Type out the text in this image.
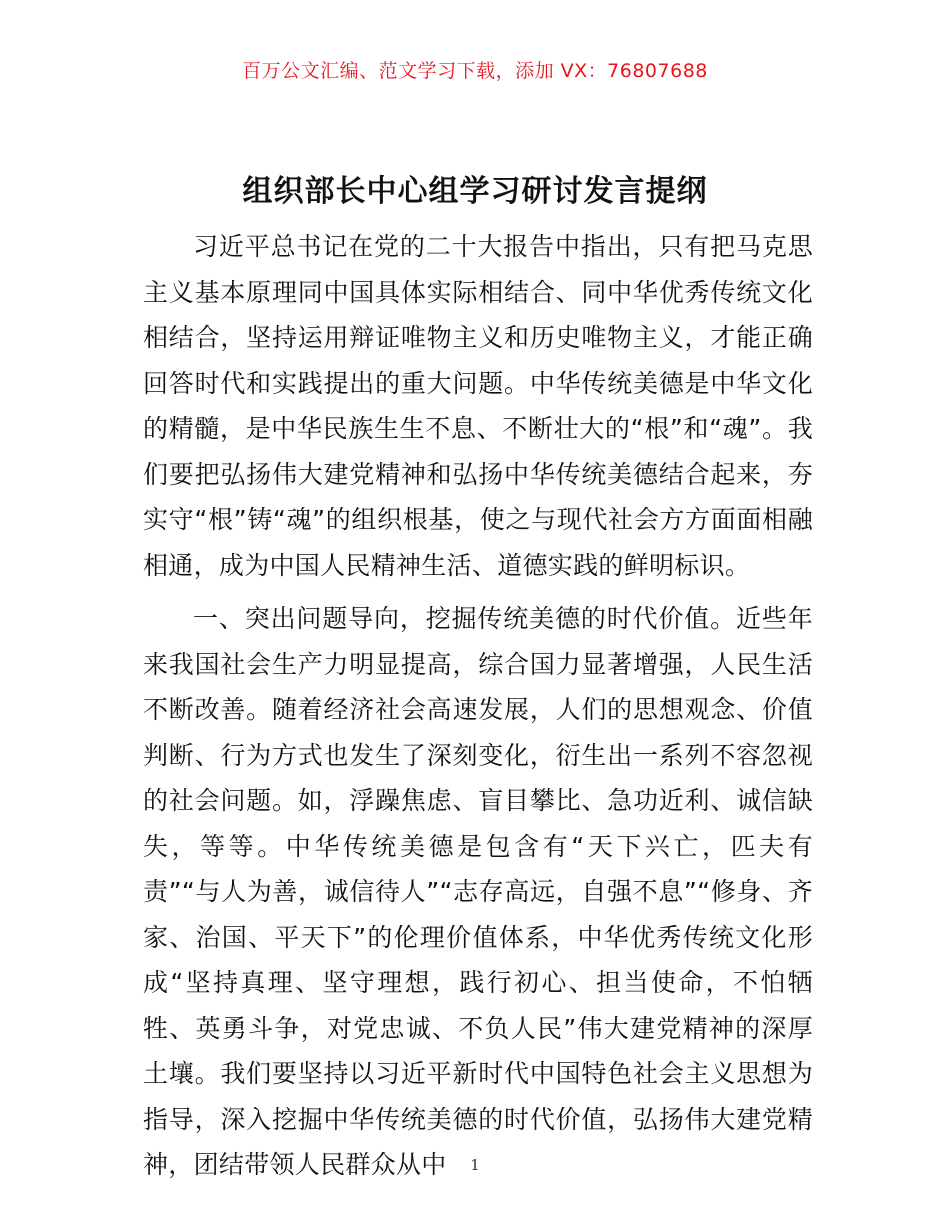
百万公文汇编、范文学习下载，添加 VX：76807688
组织部长中心组学习研讨发言提纲

习近平总书记在党的二十大报告中指出，只有把马克思主义基本原理同中国具体实际相结合、同中华优秀传统文化相结合，坚持运用辩证唯物主义和历史唯物主义，才能正确回答时代和实践提出的重大问题。中华传统美德是中华文化的精髓，是中华民族生生不息、不断壮大的“根”和“魂”。我们要把弘扬伟大建党精神和弘扬中华传统美德结合起来，夯实守“根”铸“魂”的组织根基，使之与现代社会方方面面相融相通，成为中国人民精神生活、道德实践的鲜明标识。

一、突出问题导向，挖掘传统美德的时代价值。近些年来我国社会生产力明显提高，综合国力显著增强，人民生活不断改善。随着经济社会高速发展，人们的思想观念、价值判断、行为方式也发生了深刻变化，衍生出一系列不容忽视的社会问题。如，浮躁焦虑、盲目攀比、急功近利、诚信缺失，等等。中华传统美德是包含有“天下兴亡，匹夫有责”“与人为善，诚信待人”“志存高远，自强不息”“修身、齐家、治国、平天下”的伦理价值体系，中华优秀传统文化形成“坚持真理、坚守理想，践行初心、担当使命，不怕牺牲、英勇斗争，对党忠诚、不负人民”伟大建党精神的深厚土壤。我们要坚持以习近平新时代中国特色社会主义思想为指导，深入挖掘中华传统美德的时代价值，弘扬伟大建党精神，团结带领人民群众从中	1
